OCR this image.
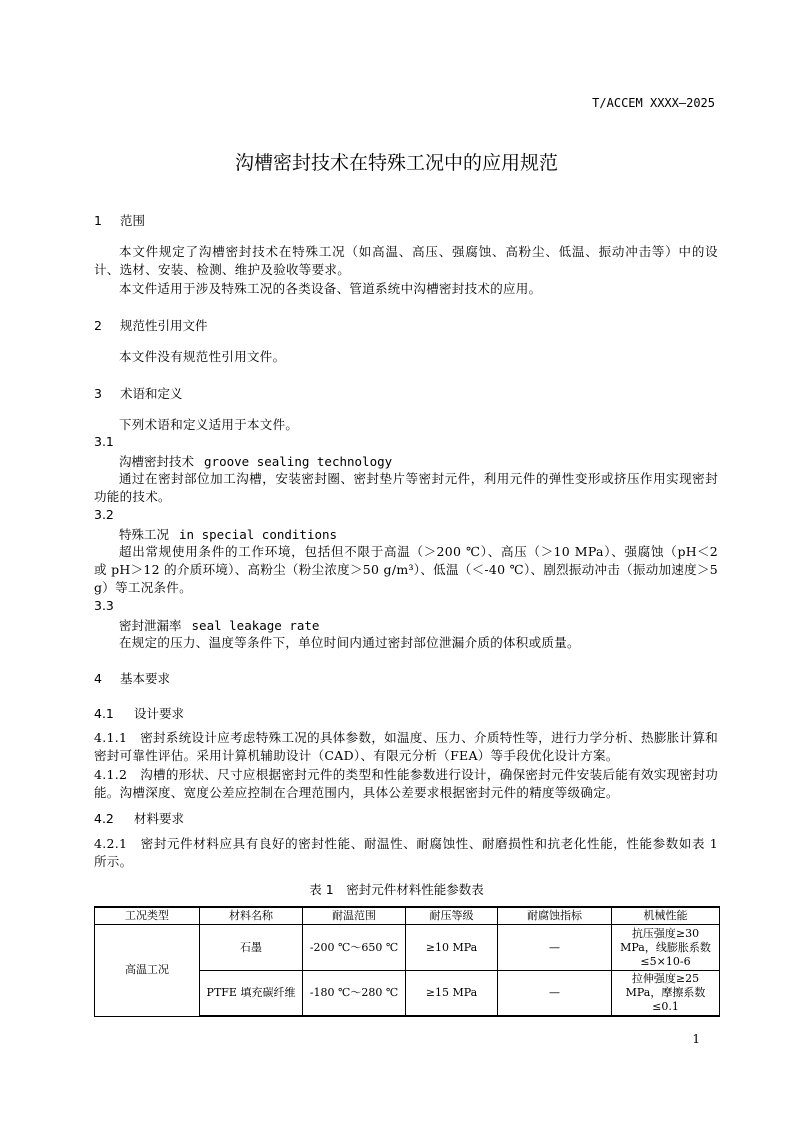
T/ACCEM XXXX—2025
沟槽密封技术在特殊工况中的应用规范
1 范围
本文件规定了沟槽密封技术在特殊工况（如高温、高压、强腐蚀、高粉尘、低温、振动冲击等）中的设计、选材、安装、检测、维护及验收等要求。
本文件适用于涉及特殊工况的各类设备、管道系统中沟槽密封技术的应用。
2 规范性引用文件
本文件没有规范性引用文件。
3 术语和定义
下列术语和定义适用于本文件。
3.1
沟槽密封技术 groove sealing technology
通过在密封部位加工沟槽，安装密封圈、密封垫片等密封元件，利用元件的弹性变形或挤压作用实现密封功能的技术。
3.2
特殊工况 in special conditions
超出常规使用条件的工作环境，包括但不限于高温（＞200 ℃）、高压（＞10 MPa）、强腐蚀（pH＜2 或 pH＞12 的介质环境）、高粉尘（粉尘浓度＞50 g/m³）、低温（＜-40 ℃）、剧烈振动冲击（振动加速度＞5 g）等工况条件。
3.3
密封泄漏率 seal leakage rate
在规定的压力、温度等条件下，单位时间内通过密封部位泄漏介质的体积或质量。
4 基本要求
4.1 设计要求
4.1.1　密封系统设计应考虑特殊工况的具体参数，如温度、压力、介质特性等，进行力学分析、热膨胀计算和密封可靠性评估。采用计算机辅助设计（CAD）、有限元分析（FEA）等手段优化设计方案。
4.1.2　沟槽的形状、尺寸应根据密封元件的类型和性能参数进行设计，确保密封元件安装后能有效实现密封功能。沟槽深度、宽度公差应控制在合理范围内，具体公差要求根据密封元件的精度等级确定。
4.2 材料要求
4.2.1　密封元件材料应具有良好的密封性能、耐温性、耐腐蚀性、耐磨损性和抗老化性能，性能参数如表 1 所示。
表 1　密封元件材料性能参数表
工况类型	材料名称	耐温范围	耐压等级	耐腐蚀指标	机械性能
高温工况	石墨	-200 ℃～650 ℃	≥10 MPa	—	抗压强度≥30 MPa，线膨胀系数≤5×10-6
	PTFE 填充碳纤维	-180 ℃～280 ℃	≥15 MPa	—	拉伸强度≥25 MPa，摩擦系数≤0.1
1
